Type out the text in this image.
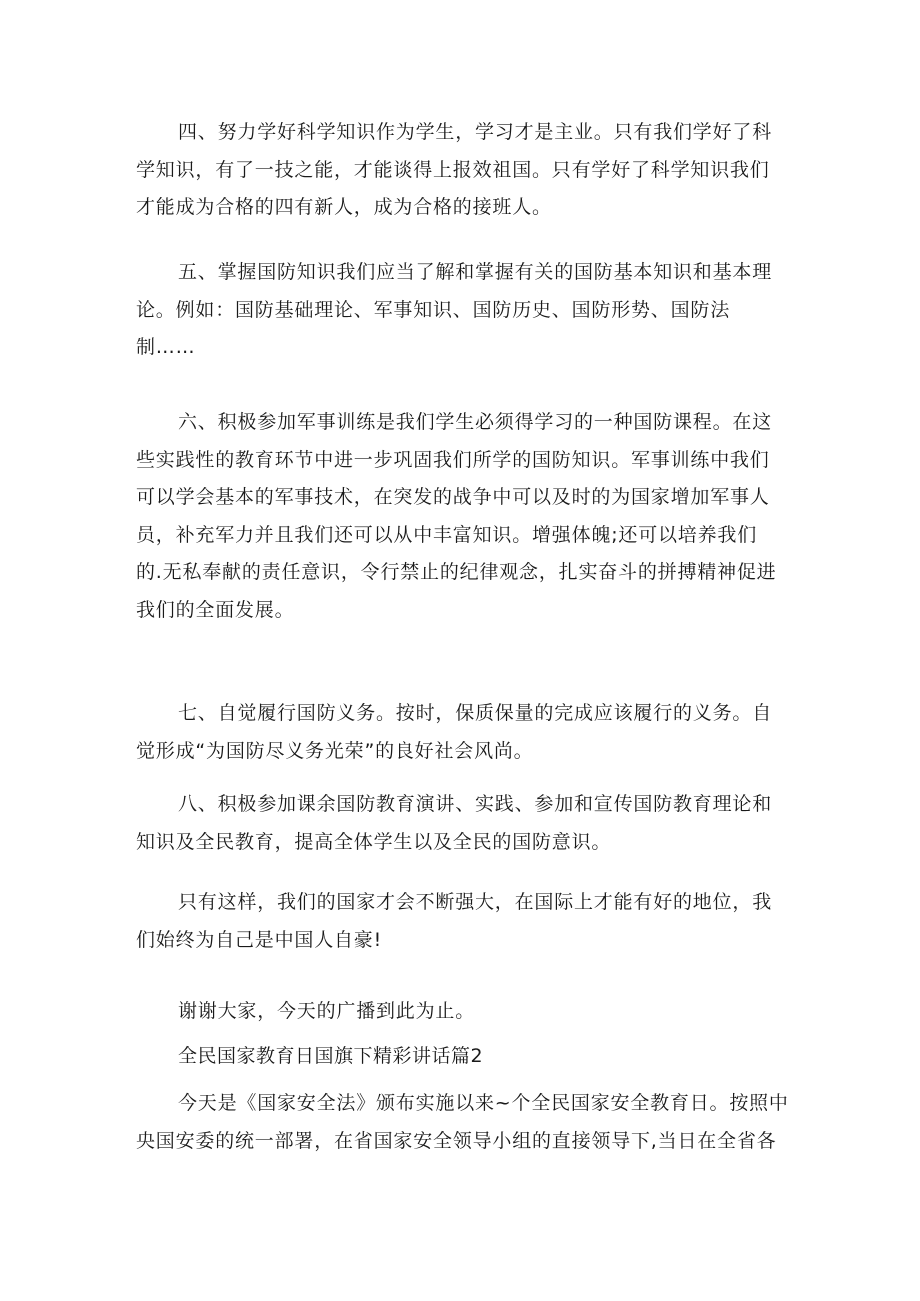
四、努力学好科学知识作为学生，学习才是主业。只有我们学好了科
学知识，有了一技之能，才能谈得上报效祖国。只有学好了科学知识我们
才能成为合格的四有新人，成为合格的接班人。
五、掌握国防知识我们应当了解和掌握有关的国防基本知识和基本理
论。例如：国防基础理论、军事知识、国防历史、国防形势、国防法
制……
六、积极参加军事训练是我们学生必须得学习的一种国防课程。在这
些实践性的教育环节中进一步巩固我们所学的国防知识。军事训练中我们
可以学会基本的军事技术，在突发的战争中可以及时的为国家增加军事人
员，补充军力并且我们还可以从中丰富知识。增强体魄;还可以培养我们
的.无私奉献的责任意识，令行禁止的纪律观念，扎实奋斗的拼搏精神促进
我们的全面发展。
七、自觉履行国防义务。按时，保质保量的完成应该履行的义务。自
觉形成“为国防尽义务光荣”的良好社会风尚。
八、积极参加课余国防教育演讲、实践、参加和宣传国防教育理论和
知识及全民教育，提高全体学生以及全民的国防意识。
只有这样，我们的国家才会不断强大，在国际上才能有好的地位，我
们始终为自己是中国人自豪!
谢谢大家，今天的广播到此为止。
全民国家教育日国旗下精彩讲话篇2
今天是《国家安全法》颁布实施以来~个全民国家安全教育日。按照中
央国安委的统一部署，在省国家安全领导小组的直接领导下,当日在全省各
